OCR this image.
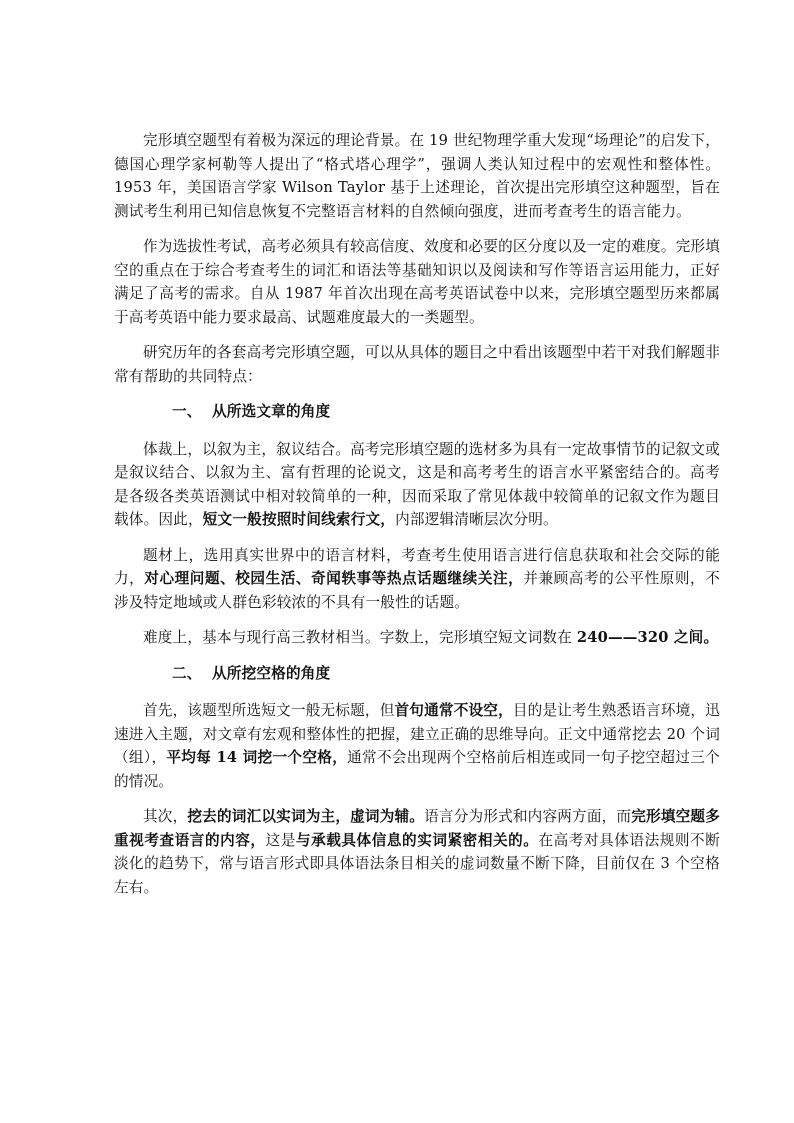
完形填空题型有着极为深远的理论背景。在 19 世纪物理学重大发现“场理论”的启发下，德国心理学家柯勒等人提出了“格式塔心理学”，强调人类认知过程中的宏观性和整体性。1953 年，美国语言学家 Wilson Taylor 基于上述理论，首次提出完形填空这种题型，旨在测试考生利用已知信息恢复不完整语言材料的自然倾向强度，进而考查考生的语言能力。

作为选拔性考试，高考必须具有较高信度、效度和必要的区分度以及一定的难度。完形填空的重点在于综合考查考生的词汇和语法等基础知识以及阅读和写作等语言运用能力，正好满足了高考的需求。自从 1987 年首次出现在高考英语试卷中以来，完形填空题型历来都属于高考英语中能力要求最高、试题难度最大的一类题型。

研究历年的各套高考完形填空题，可以从具体的题目之中看出该题型中若干对我们解题非常有帮助的共同特点：

一、 从所选文章的角度

体裁上，以叙为主，叙议结合。高考完形填空题的选材多为具有一定故事情节的记叙文或是叙议结合、以叙为主、富有哲理的论说文，这是和高考考生的语言水平紧密结合的。高考是各级各类英语测试中相对较简单的一种，因而采取了常见体裁中较简单的记叙文作为题目载体。因此，短文一般按照时间线索行文，内部逻辑清晰层次分明。

题材上，选用真实世界中的语言材料，考查考生使用语言进行信息获取和社会交际的能力，对心理问题、校园生活、奇闻轶事等热点话题继续关注，并兼顾高考的公平性原则，不涉及特定地域或人群色彩较浓的不具有一般性的话题。

难度上，基本与现行高三教材相当。字数上，完形填空短文词数在 240——320 之间。

二、 从所挖空格的角度

首先，该题型所选短文一般无标题，但首句通常不设空，目的是让考生熟悉语言环境，迅速进入主题，对文章有宏观和整体性的把握，建立正确的思维导向。正文中通常挖去 20 个词（组），平均每 14 词挖一个空格，通常不会出现两个空格前后相连或同一句子挖空超过三个的情况。

其次，挖去的词汇以实词为主，虚词为辅。语言分为形式和内容两方面，而完形填空题多重视考查语言的内容，这是与承载具体信息的实词紧密相关的。在高考对具体语法规则不断淡化的趋势下，常与语言形式即具体语法条目相关的虚词数量不断下降，目前仅在 3 个空格左右。
